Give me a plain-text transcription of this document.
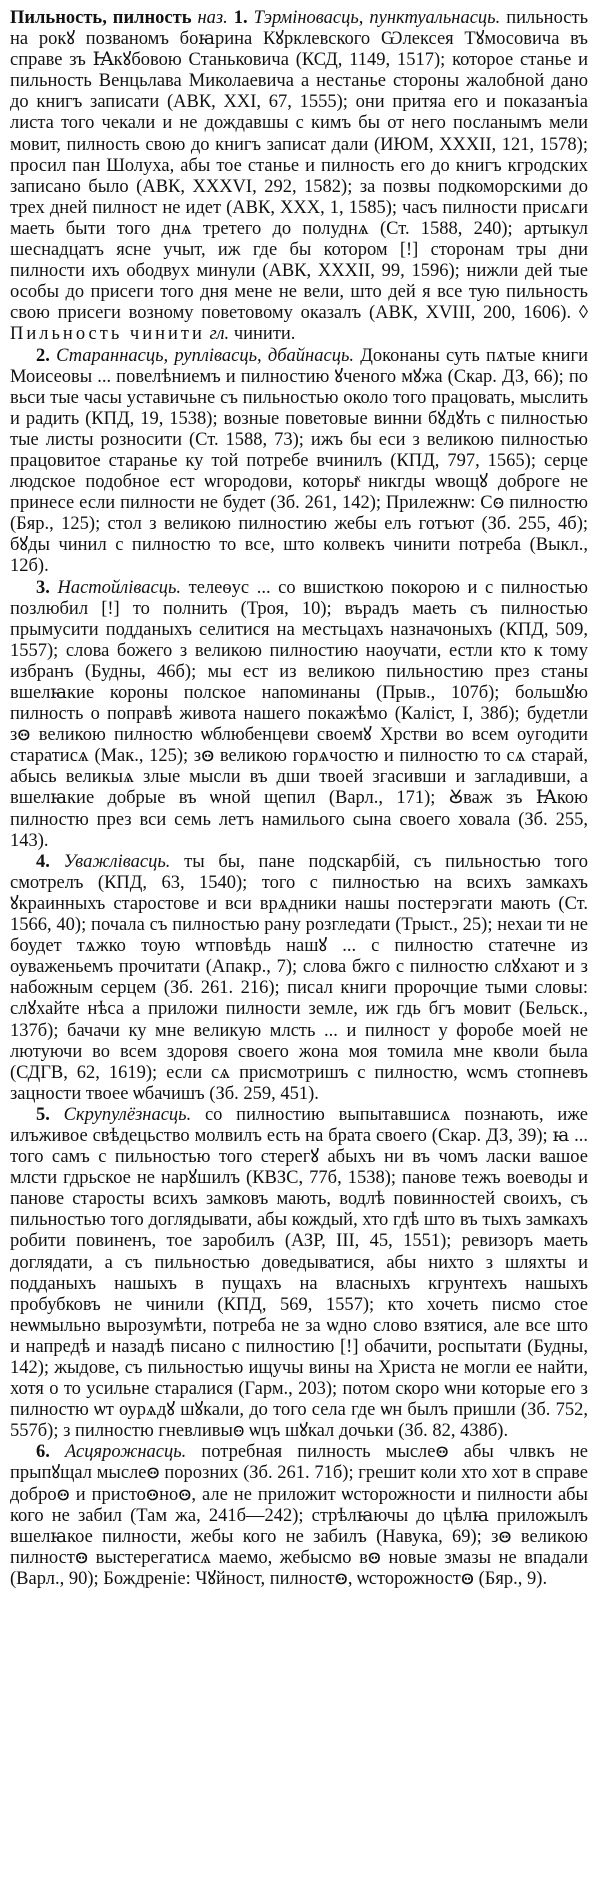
Пильность, пилность наз. 1. Тэрміновасць, пунктуальнасць. пильность на рокꙋ позваномъ боꙗрина Кꙋрклевского Ѡлексея Тꙋмосовича въ справе зъ Ꙗкꙋбовою Станьковича (КСД, 1149, 1517); которое станье и пильность Венцьлава Миколаевича а нестанье стороны жалобной дано до книгъ записати (АВК, XXI, 67, 1555); они притяа его и показанъіа листа того чекали и не дождавшы с кимъ бы от него посланымъ мели мовит, пилность свою до книгъ записат дали (ИЮМ, XXXII, 121, 1578); просил пан Шолуха, абы тое станье и пилность его до книгъ кгродских записано было (АВК, XXXVI, 292, 1582); за позвы подкоморскими до трех дней пилност не идет (АВК, XXX, 1, 1585); часъ пилности присѧги маеть быти того днѧ третего до полуднѧ (Ст. 1588, 240); артыкул шеснадцатъ ясне учыт, иж где бы котором [!] сторонам тры дни пилности ихъ ободвух минули (АВК, XXXII, 99, 1596); нижли дей тые особы до присеги того дня мене не вели, што дей я все тую пильность свою присеги возному поветовому оказалъ (АВК, XVIII, 200, 1606). ◊ Пильность чинити гл. чинити.

2. Стараннасць, руплівасць, дбайнасць. Доконаны суть пѧтые книги Моисеовы ... повелѣниемъ и пилностию ꙋченого мꙋжа (Скар. ДЗ, 66); по вьси тые часы уставичьне съ пильностью около того працовать, мыслить и радить (КПД, 19, 1538); возные поветовые винни бꙋдꙋть с пилностью тые листы розносити (Ст. 1588, 73); ижъ бы еси з великою пилностью працовитое старанье ку той потребе вчинилъ (КПД, 797, 1565); серце людское подобное ест ѡгородови, которыͯ никгды ѡвощꙋ доброге не принесе если пилности не будет (Зб. 261, 142); Прилежнѡ: Сꙫ пилностю (Бяр., 125); стол з великою пилностию жебы елъ готъют (Зб. 255, 4б); бꙋды чинил с пилностю то все, што колвекъ чинити потреба (Выкл., 12б).

3. Настойлівасць. телеѳус ... со вшисткою покорою и с пилностью позлюбил [!] то полнить (Троя, 10); върадъ маеть съ пилностью прымусити подданыхъ селитися на местьцахъ назначоныхъ (КПД, 509, 1557); слова божего з великою пилностию наоучати, естли кто к тому избранъ (Будны, 46б); мы ест из великою пильностию през станы вшелꙗкие короны полское напоминаны (Прыв., 107б); большꙋю пилность о поправѣ живота нашего покажѣмо (Калiст, I, 38б); будетли зꙫ великою пилностю ѡблюбенцеви своемꙋ Хрстви во всем оугодити старатисѧ (Мак., 125); зꙫ великою горѧчостю и пилностю то сѧ старай, абысь великыѧ злые мысли въ дши твоей згасивши и загладивши, а вшелꙗкие добрые въ ѡной щепил (Варл., 171); Ꙋваж зъ Ꙗкою пилностю през вси семь летъ намилього сына своего ховала (Зб. 255, 143).

4. Уважлівасць. ты бы, пане подскарбiй, съ пильностью того смотрелъ (КПД, 63, 1540); того с пилностью на всихъ замкахъ ꙋкраинныхъ старостове и вси врѧдники нашы постерэгати мають (Ст. 1566, 40); почала съ пилностью рану розгледати (Трыст., 25); нехаи ти не боудет тѧжко тоую ѡтповѣдь нашꙋ ... с пилностю статечне из оуваженьемъ прочитати (Апакр., 7); слова бжго с пилностю слꙋхают и з набожным серцем (Зб. 261. 216); писал книги пророчцие тыми словы: слꙋхайте нѣса а приложи пилности земле, иж гдь бгъ мовит (Бельск., 137б); бачачи ку мне великую млсть ... и пилност у форобе моей не лютуючи во всем здоровя своего жона моя томила мне кволи была (СДГВ, 62, 1619); если сѧ присмотришъ с пилностю, ѡсмъ стопневъ зацности твоее ѡбачишъ (Зб. 259, 451).

5. Скрупулёзнасць. со пилностию выпытавшисѧ познають, иже илъживое свѣдецьство молвилъ есть на брата своего (Скар. ДЗ, 39); ꙗ ... того самъ с пильностью того стерегꙋ абыхъ ни въ чомъ ласки вашое млсти гдрьское не нарꙋшилъ (КВЗС, 77б, 1538); панове тежъ воеводы и панове старосты всихъ замковъ мають, водлѣ повинностей своихъ, съ пильностью того доглядывати, абы кождый, хто гдѣ што въ тыхъ замкахъ робити повиненъ, тое заробилъ (АЗР, III, 45, 1551); ревизоръ маеть доглядати, а съ пильностью доведыватися, абы нихто з шляхты и подданыхъ нашыхъ в пущахъ на власныхъ кгрунтехъ нашыхъ пробубковъ не чинили (КПД, 569, 1557); кто хочеть писмо стое неѡмыльно вырозумѣти, потреба не за ѡдно слово взятися, але все што и напредѣ и назадѣ писано с пилностию [!] обачити, роспытати (Будны, 142); жыдове, съ пильностью ищучы вины на Христа не могли ее найти, хотя о то усильне старалися (Гарм., 203); потом скоро ѡни которые его з пилностю ѡт оурѧдꙋ шꙋкали, до того села где ѡн былъ пришли (Зб. 752, 557б); з пилностю гневливыꙫ ѡцъ шꙋкал дочьки (Зб. 82, 438б).

6. Асцярожнасць. потребная пилность мыслеꙫ абы члвкъ не прыпꙋщал мыслеꙫ порозних (Зб. 261. 71б); грешит коли хто хот в справе доброꙫ и пристоꙫноꙫ, але не приложит ѡсторожности и пилности абы кого не забил (Там жа, 241б—242); стрѣлꙗючы до цѣлꙗ приложылъ вшелꙗкое пилности, жебы кого не забилъ (Навука, 69); зꙫ великою пилностꙫ выстерегатисѧ маемо, жебысмо вꙫ новые змазы не впадали (Варл., 90); Бождреніе: Чꙋйност, пилностꙫ, ѡсторожностꙫ (Бяр., 9).
